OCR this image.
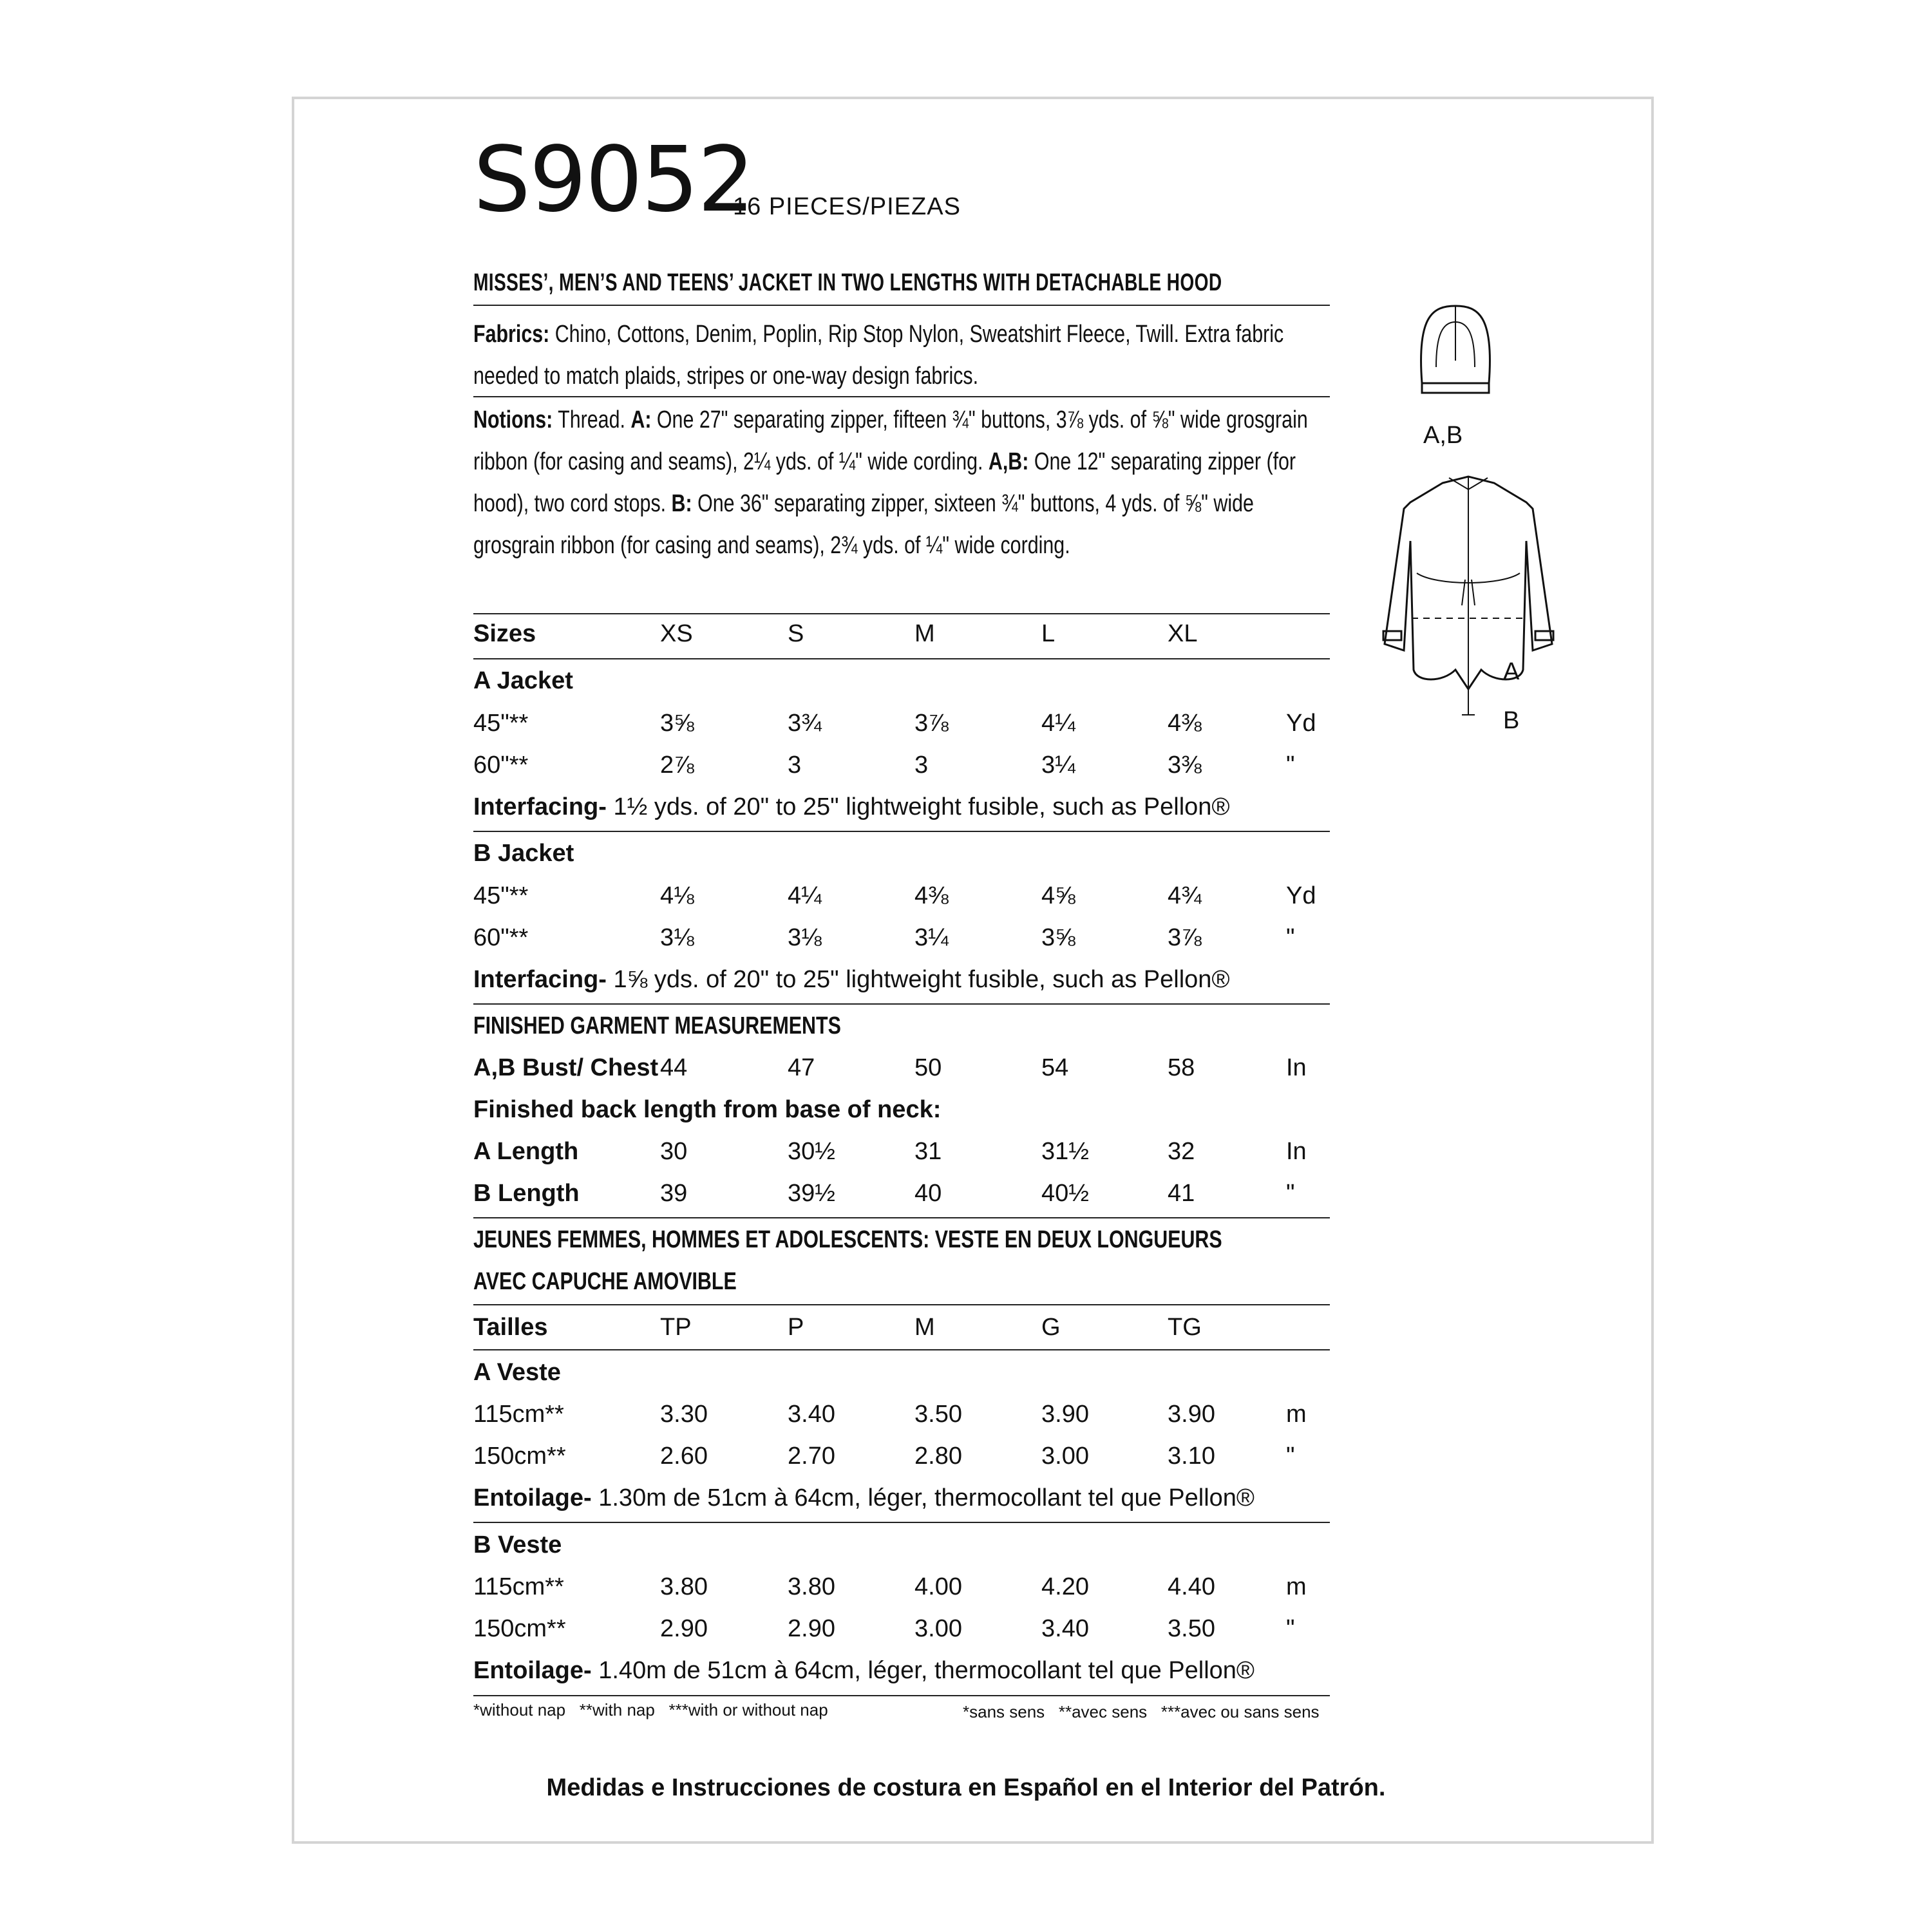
S9052
16 PIECES/PIEZAS
MISSES’, MEN’S AND TEENS’ JACKET IN TWO LENGTHS WITH DETACHABLE HOOD
Fabrics: Chino, Cottons, Denim, Poplin, Rip Stop Nylon, Sweatshirt Fleece, Twill. Extra fabric needed to match plaids, stripes or one-way design fabrics.
Notions: Thread. A: One 27" separating zipper, fifteen ¾" buttons, 3⅞ yds. of ⅝" wide grosgrain ribbon (for casing and seams), 2¼ yds. of ¼" wide cording. A,B: One 12" separating zipper (for hood), two cord stops. B: One 36" separating zipper, sixteen ¾" buttons, 4 yds. of ⅝" wide grosgrain ribbon (for casing and seams), 2¾ yds. of ¼" wide cording.
Sizes	XS	S	M	L	XL
A Jacket
45"**	3⅝	3¾	3⅞	4¼	4⅜	Yd
60"**	2⅞	3	3	3¼	3⅜	"
Interfacing- 1½ yds. of 20" to 25" lightweight fusible, such as Pellon®
B Jacket
45"**	4⅛	4¼	4⅜	4⅝	4¾	Yd
60"**	3⅛	3⅛	3¼	3⅝	3⅞	"
Interfacing- 1⅝ yds. of 20" to 25" lightweight fusible, such as Pellon®
FINISHED GARMENT MEASUREMENTS
A,B Bust/ Chest 44	47	50	54	58	In
Finished back length from base of neck:
A Length	30	30½	31	31½	32	In
B Length	39	39½	40	40½	41	"
JEUNES FEMMES, HOMMES ET ADOLESCENTS: VESTE EN DEUX LONGUEURS
AVEC CAPUCHE AMOVIBLE
Tailles	TP	P	M	G	TG
A Veste
115cm**	3.30	3.40	3.50	3.90	3.90	m
150cm**	2.60	2.70	2.80	3.00	3.10	"
Entoilage- 1.30m de 51cm à 64cm, léger, thermocollant tel que Pellon®
B Veste
115cm**	3.80	3.80	4.00	4.20	4.40	m
150cm**	2.90	2.90	3.00	3.40	3.50	"
Entoilage- 1.40m de 51cm à 64cm, léger, thermocollant tel que Pellon®
*without nap   **with nap   ***with or without nap	*sans sens   **avec sens   ***avec ou sans sens
Medidas e Instrucciones de costura en Español en el Interior del Patrón.
A,B
A
B
